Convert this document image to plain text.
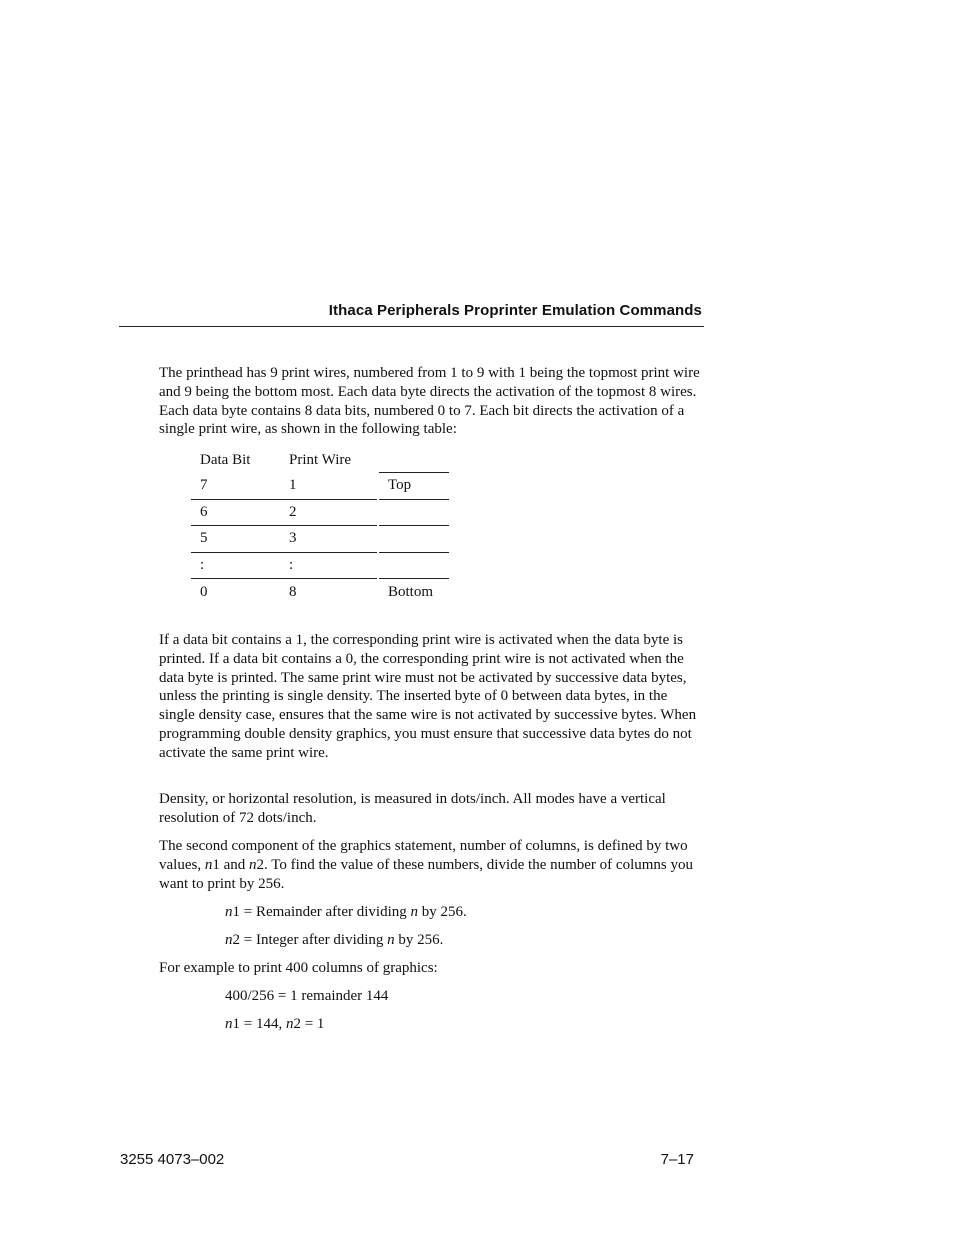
Ithaca Peripherals Proprinter Emulation Commands

The printhead has 9 print wires, numbered from 1 to 9 with 1 being the topmost print wire and 9 being the bottom most. Each data byte directs the activation of the topmost 8 wires. Each data byte contains 8 data bits, numbered 0 to 7. Each bit directs the activation of a single print wire, as shown in the following table:

Data Bit	Print Wire		
7	1		Top
6	2		
5	3		
:	:		
0	8		Bottom

If a data bit contains a 1, the corresponding print wire is activated when the data byte is printed. If a data bit contains a 0, the corresponding print wire is not activated when the data byte is printed. The same print wire must not be activated by successive data bytes, unless the printing is single density. The inserted byte of 0 between data bytes, in the single density case, ensures that the same wire is not activated by successive bytes. When programming double density graphics, you must ensure that successive data bytes do not activate the same print wire.

Density, or horizontal resolution, is measured in dots/inch. All modes have a vertical resolution of 72 dots/inch.

The second component of the graphics statement, number of columns, is defined by two values, n1 and n2. To find the value of these numbers, divide the number of columns you want to print by 256.

n1 = Remainder after dividing n by 256.

n2 = Integer after dividing n by 256.

For example to print 400 columns of graphics:

400/256 = 1 remainder 144

n1 = 144, n2 = 1

3255 4073–002	7–17
